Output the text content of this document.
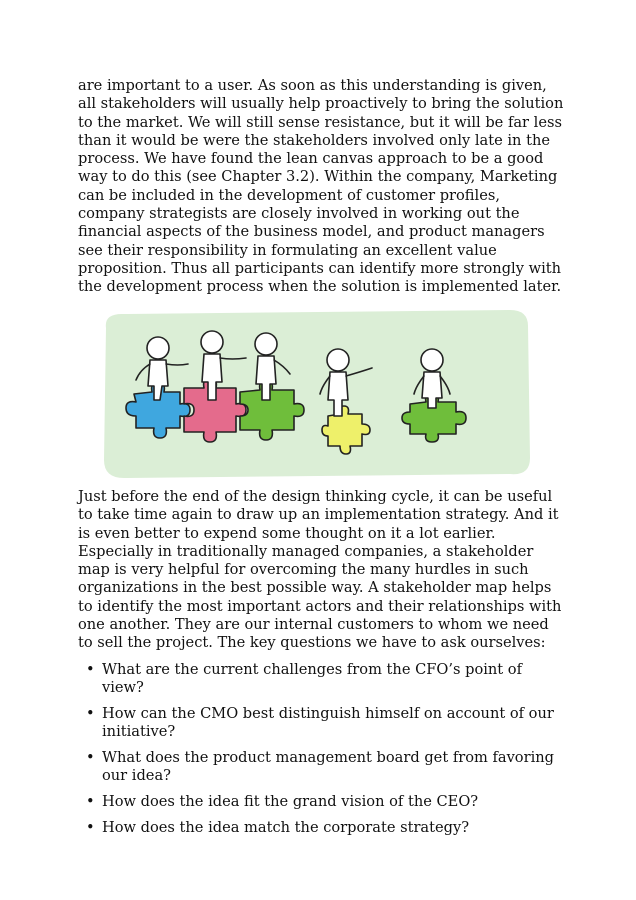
are important to a user. As soon as this understanding is given, all stakeholders will usually help proactively to bring the solution to the market. We will still sense resistance, but it will be far less than it would be were the stakeholders involved only late in the process. We have found the lean canvas approach to be a good way to do this (see Chapter 3.2). Within the company, Marketing can be included in the development of customer profiles, company strategists are closely involved in working out the financial aspects of the business model, and product managers see their responsibility in formulating an excellent value proposition. Thus all participants can identify more strongly with the development process when the solution is implemented later.

Just before the end of the design thinking cycle, it can be useful to take time again to draw up an implementation strategy. And it is even better to expend some thought on it a lot earlier. Especially in traditionally managed companies, a stakeholder map is very helpful for overcoming the many hurdles in such organizations in the best possible way. A stakeholder map helps to identify the most important actors and their relationships with one another. They are our internal customers to whom we need to sell the project. The key questions we have to ask ourselves:

• What are the current challenges from the CFO’s point of view?
• How can the CMO best distinguish himself on account of our initiative?
• What does the product management board get from favoring our idea?
• How does the idea fit the grand vision of the CEO?
• How does the idea match the corporate strategy?
